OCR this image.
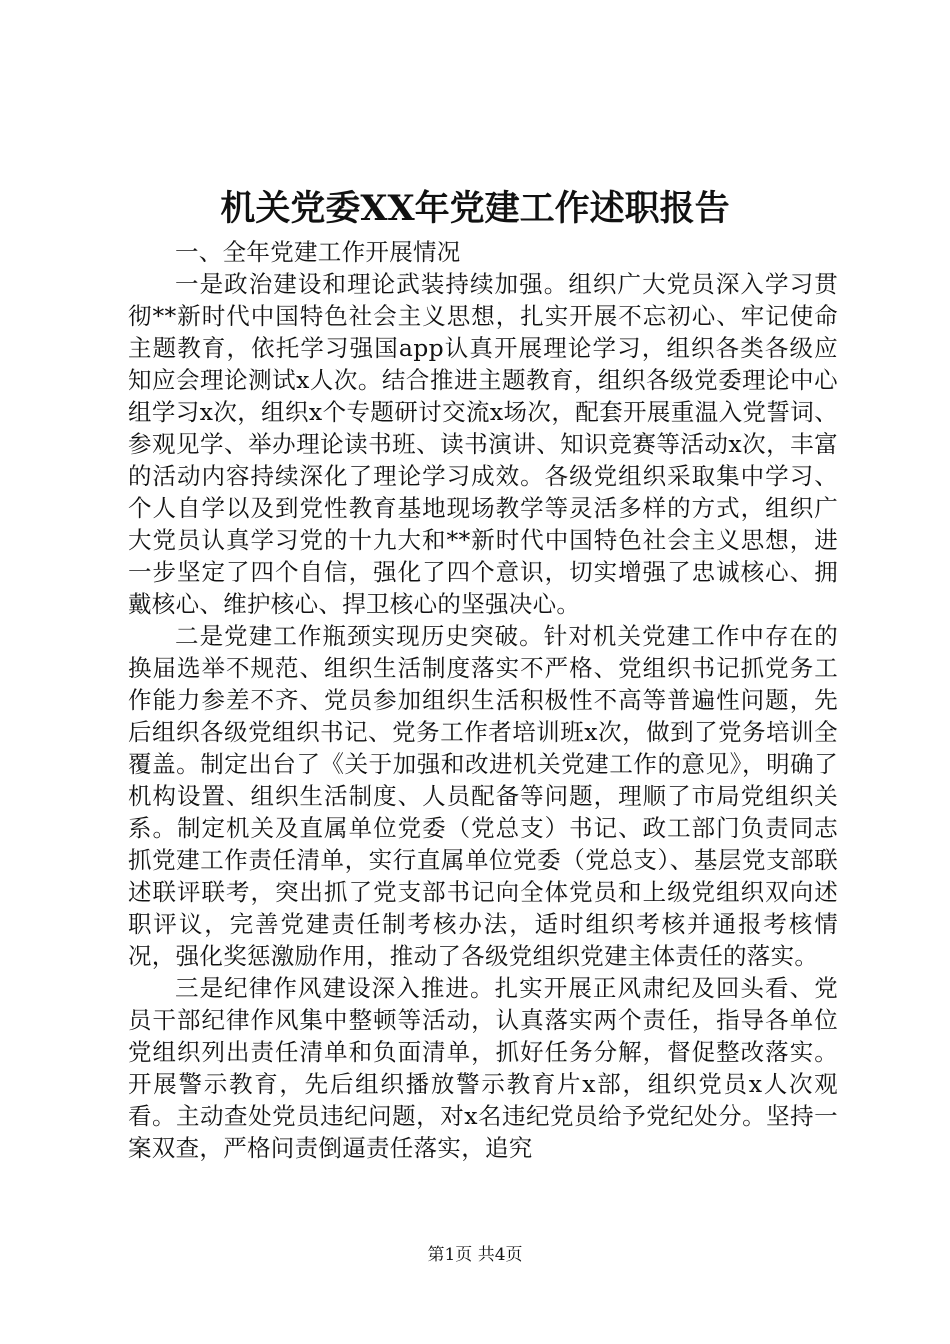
机关党委XX年党建工作述职报告

一、全年党建工作开展情况

一是政治建设和理论武装持续加强。组织广大党员深入学习贯彻**新时代中国特色社会主义思想，扎实开展不忘初心、牢记使命主题教育，依托学习强国app认真开展理论学习，组织各类各级应知应会理论测试x人次。结合推进主题教育，组织各级党委理论中心组学习x次，组织x个专题研讨交流x场次，配套开展重温入党誓词、参观见学、举办理论读书班、读书演讲、知识竞赛等活动x次，丰富的活动内容持续深化了理论学习成效。各级党组织采取集中学习、个人自学以及到党性教育基地现场教学等灵活多样的方式，组织广大党员认真学习党的十九大和**新时代中国特色社会主义思想，进一步坚定了四个自信，强化了四个意识，切实增强了忠诚核心、拥戴核心、维护核心、捍卫核心的坚强决心。

二是党建工作瓶颈实现历史突破。针对机关党建工作中存在的换届选举不规范、组织生活制度落实不严格、党组织书记抓党务工作能力参差不齐、党员参加组织生活积极性不高等普遍性问题，先后组织各级党组织书记、党务工作者培训班x次，做到了党务培训全覆盖。制定出台了《关于加强和改进机关党建工作的意见》，明确了机构设置、组织生活制度、人员配备等问题，理顺了市局党组织关系。制定机关及直属单位党委（党总支）书记、政工部门负责同志抓党建工作责任清单，实行直属单位党委（党总支）、基层党支部联述联评联考，突出抓了党支部书记向全体党员和上级党组织双向述职评议，完善党建责任制考核办法，适时组织考核并通报考核情况，强化奖惩激励作用，推动了各级党组织党建主体责任的落实。

三是纪律作风建设深入推进。扎实开展正风肃纪及回头看、党员干部纪律作风集中整顿等活动，认真落实两个责任，指导各单位党组织列出责任清单和负面清单，抓好任务分解，督促整改落实。开展警示教育，先后组织播放警示教育片x部，组织党员x人次观看。主动查处党员违纪问题，对x名违纪党员给予党纪处分。坚持一案双查，严格问责倒逼责任落实，追究

第1页 共4页
